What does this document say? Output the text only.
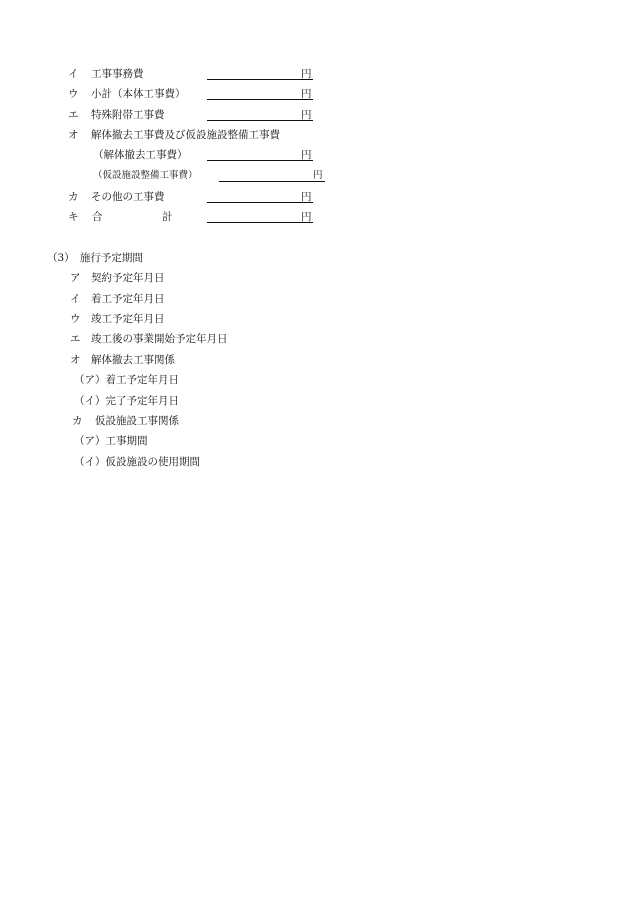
イ 工事事務費	円
ウ 小計（本体工事費）	円
エ 特殊附帯工事費	円
オ 解体撤去工事費及び仮設施設整備工事費
（解体撤去工事費）	円
（仮設施設整備工事費）	円
カ その他の工事費	円
キ 合	計	円
（3）　施行予定期間
ア 契約予定年月日
イ 着工予定年月日
ウ 竣工予定年月日
エ 竣工後の事業開始予定年月日
オ 解体撤去工事関係
（ア）着工予定年月日
（イ）完了予定年月日
カ 仮設施設工事関係
（ア）工事期間
（イ）仮設施設の使用期間
